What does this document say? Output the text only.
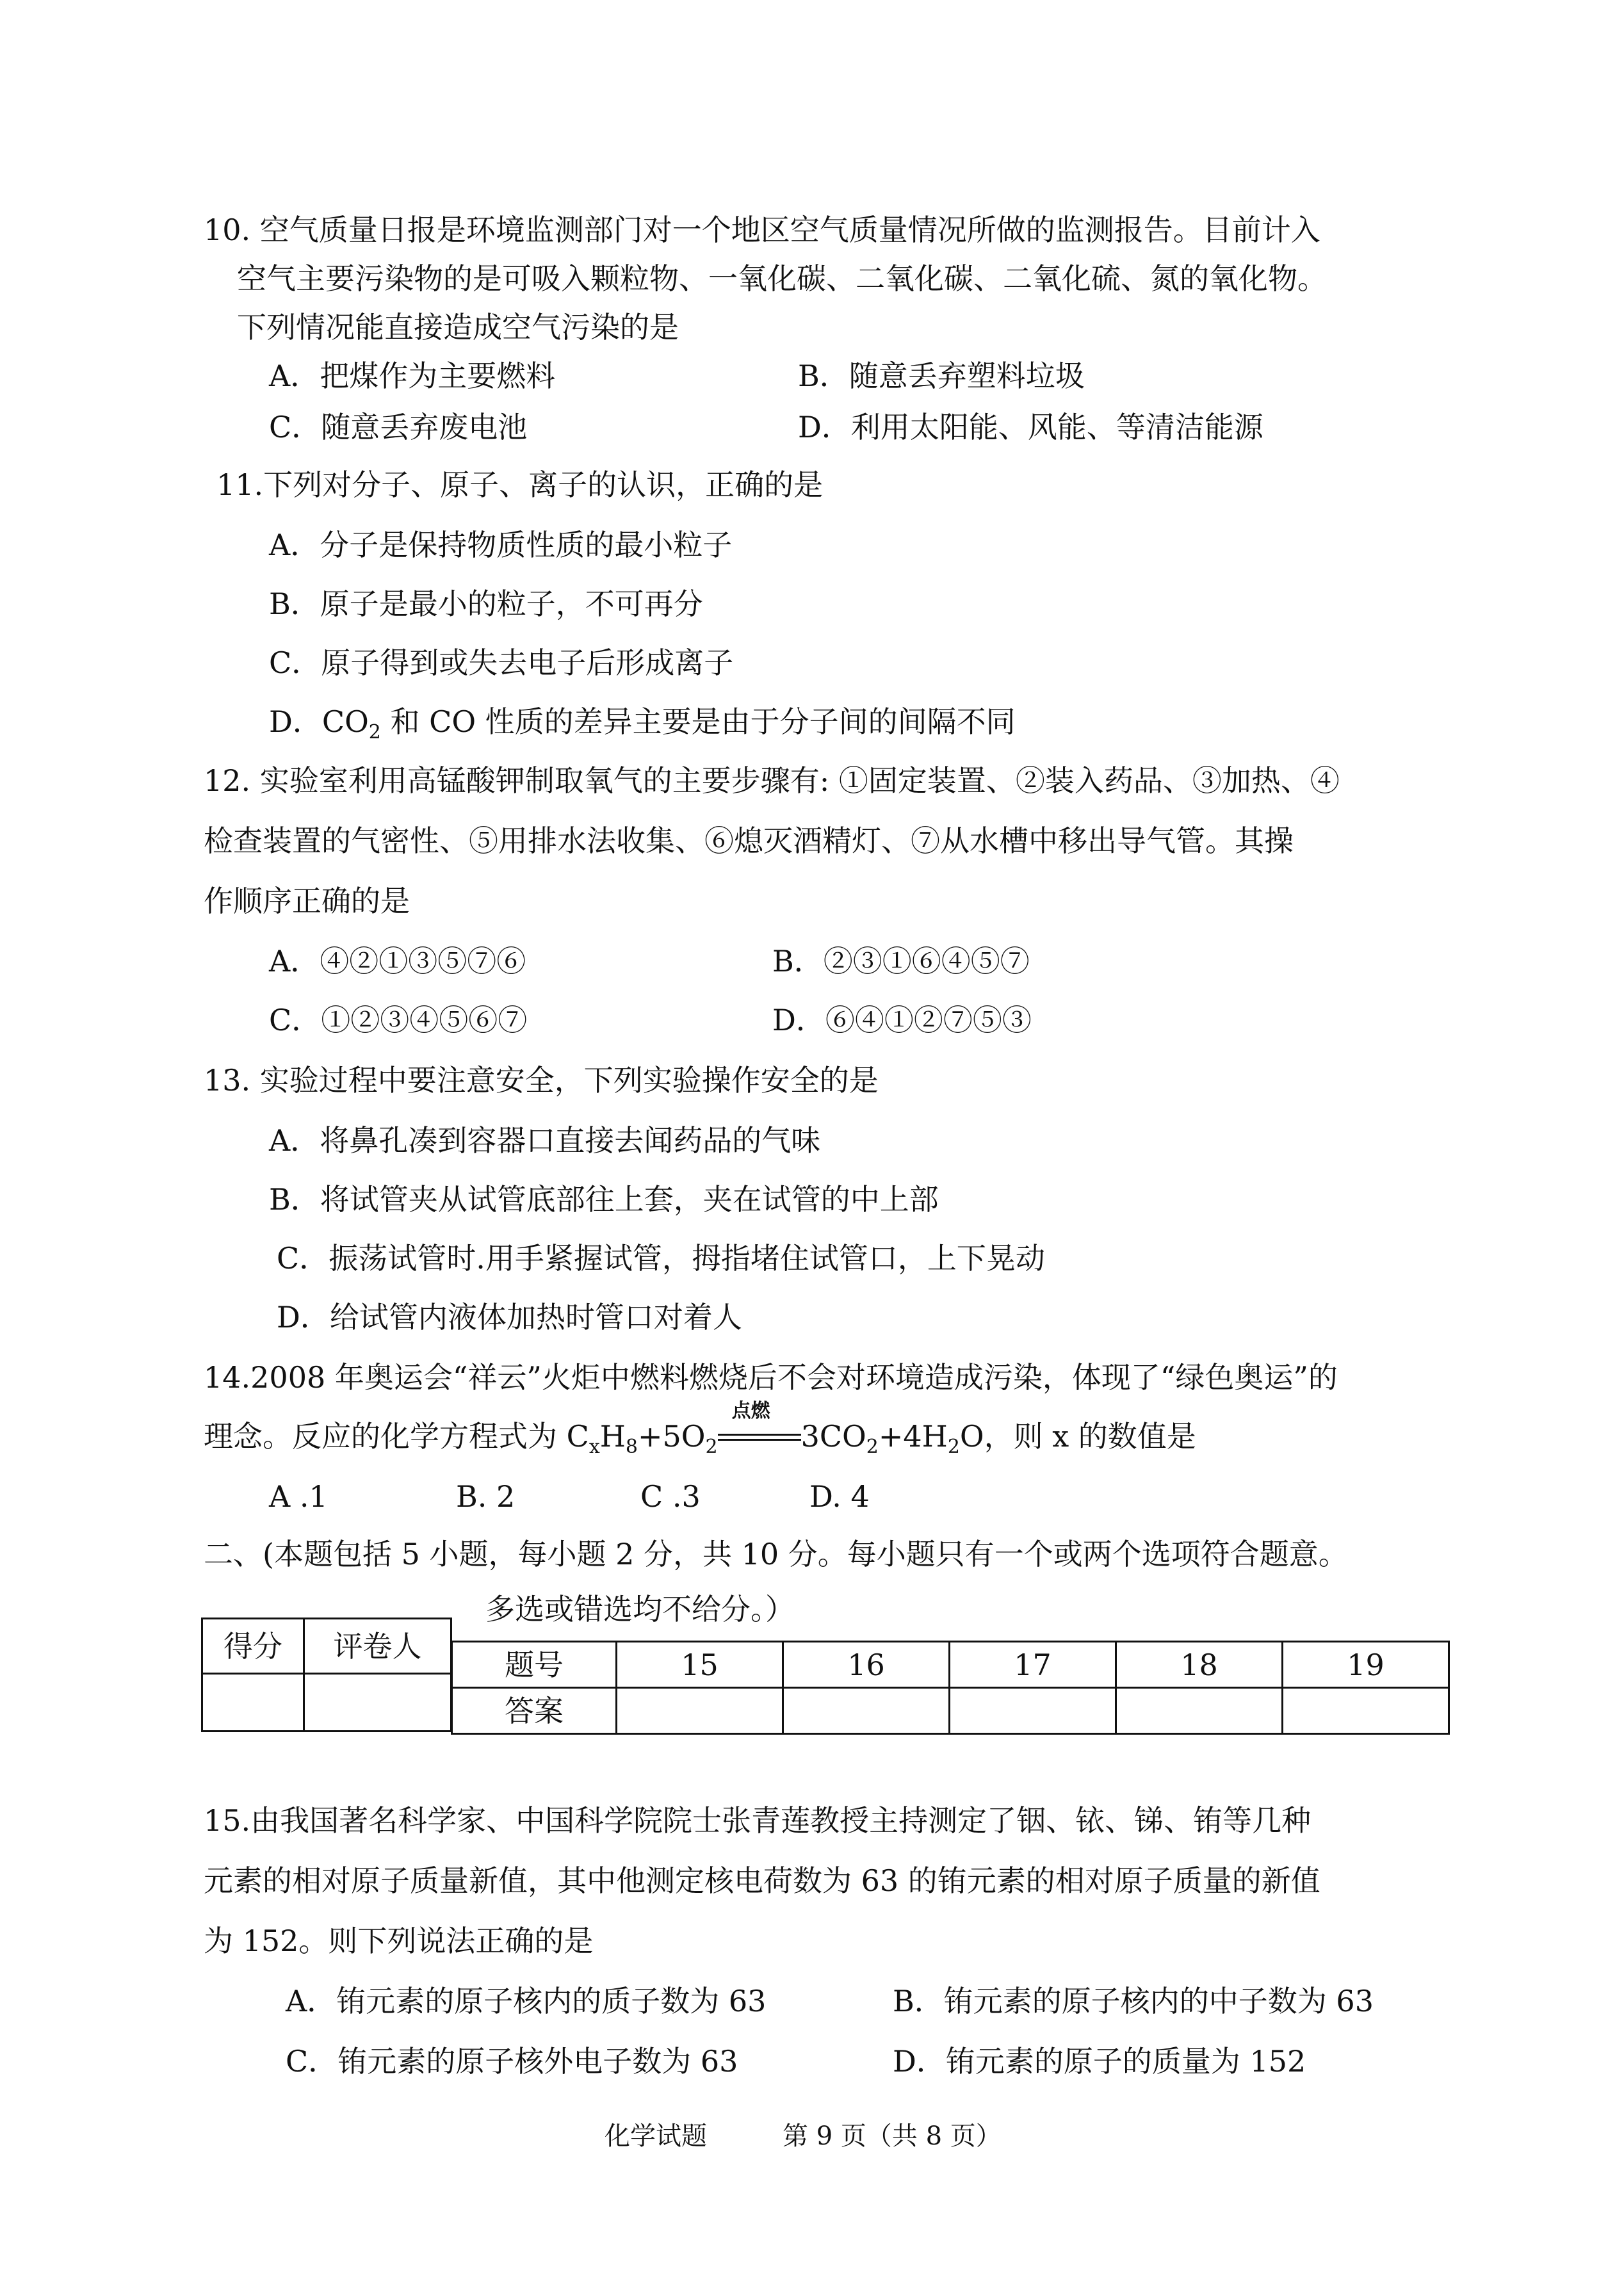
10. 空气质量日报是环境监测部门对一个地区空气质量情况所做的监测报告。目前计入
空气主要污染物的是可吸入颗粒物、一氧化碳、二氧化碳、二氧化硫、氮的氧化物。
下列情况能直接造成空气污染的是
A．把煤作为主要燃料	B．随意丢弃塑料垃圾
C．随意丢弃废电池	D．利用太阳能、风能、等清洁能源
11.下列对分子、原子、离子的认识，正确的是
A．分子是保持物质性质的最小粒子
B．原子是最小的粒子，不可再分
C．原子得到或失去电子后形成离子
D．$CO_2$ 和 CO 性质的差异主要是由于分子间的间隔不同
12. 实验室利用高锰酸钾制取氧气的主要步骤有: ①固定装置、②装入药品、③加热、④
检查装置的气密性、⑤用排水法收集、⑥熄灭酒精灯、⑦从水槽中移出导气管。其操
作顺序正确的是
A．④②①③⑤⑦⑥	B．②③①⑥④⑤⑦
C．①②③④⑤⑥⑦	D．⑥④①②⑦⑤③
13. 实验过程中要注意安全，下列实验操作安全的是
A．将鼻孔凑到容器口直接去闻药品的气味
B．将试管夹从试管底部往上套，夹在试管的中上部
C．振荡试管时.用手紧握试管，拇指堵住试管口，上下晃动
D．给试管内液体加热时管口对着人
14.2008 年奥运会“祥云”火炬中燃料燃烧后不会对环境造成污染，体现了“绿色奥运”的
理念。反应的化学方程式为 $C_xH_8+5O_2$
点燃
$3CO_2+4H_2O$，则 x 的数值是
A .1	B. 2	C .3	D. 4
二、(本题包括 5 小题，每小题 2 分，共 10 分。每小题只有一个或两个选项符合题意。
多选或错选均不给分。）
得分	评卷人

题号	15	16	17	18	19
答案					
15.由我国著名科学家、中国科学院院士张青莲教授主持测定了铟、铱、锑、铕等几种
元素的相对原子质量新值，其中他测定核电荷数为 63 的铕元素的相对原子质量的新值
为 152。则下列说法正确的是
A．铕元素的原子核内的质子数为 63	B．铕元素的原子核内的中子数为 63
C．铕元素的原子核外电子数为 63	D．铕元素的原子的质量为 152
化学试题	第 9 页（共 8 页）
